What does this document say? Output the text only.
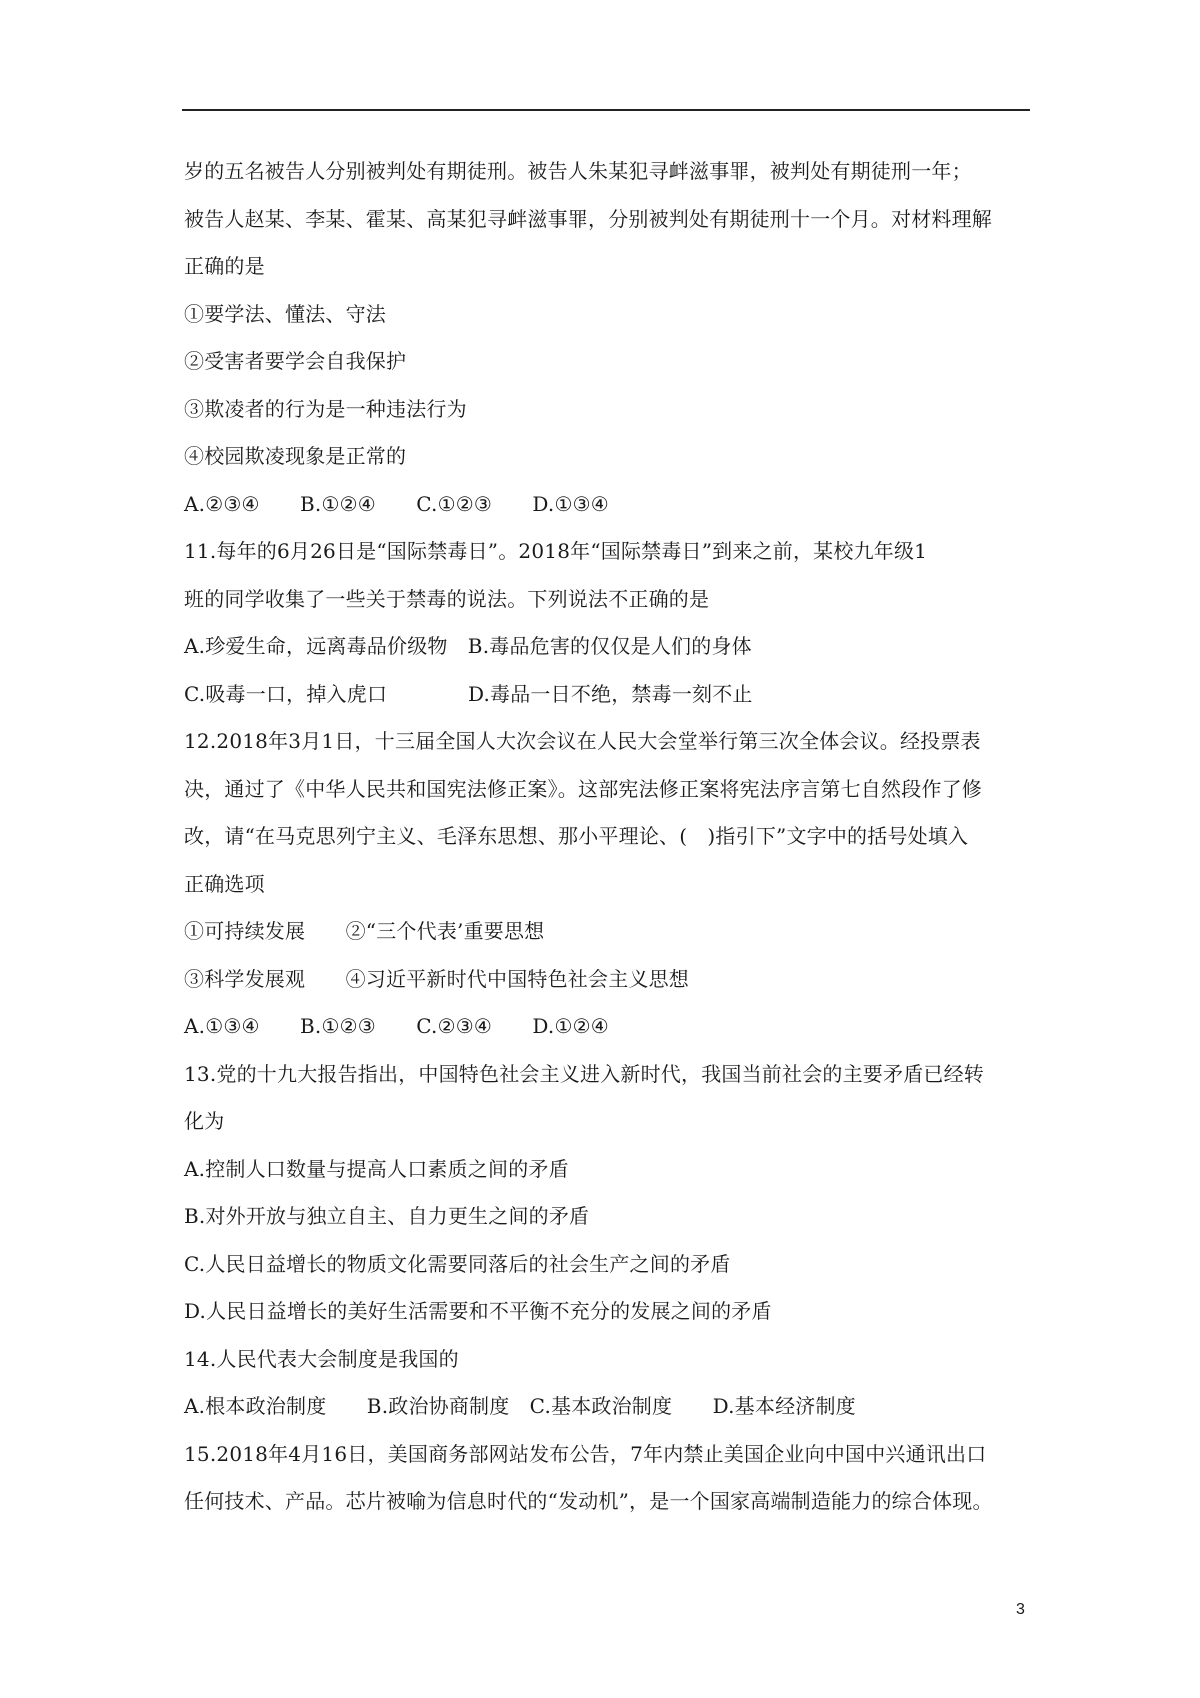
岁的五名被告人分别被判处有期徒刑。被告人朱某犯寻衅滋事罪，被判处有期徒刑一年；
被告人赵某、李某、霍某、高某犯寻衅滋事罪，分别被判处有期徒刑十一个月。对材料理解
正确的是
①要学法、懂法、守法
②受害者要学会自我保护
③欺凌者的行为是一种违法行为
④校园欺凌现象是正常的
A.②③④　　B.①②④　　C.①②③　　D.①③④
11.每年的6月26日是“国际禁毒日”。2018年“国际禁毒日”到来之前，某校九年级1
班的同学收集了一些关于禁毒的说法。下列说法不正确的是
A.珍爱生命，远离毒品价级物　B.毒品危害的仅仅是人们的身体
C.吸毒一口，掉入虎口　　　　D.毒品一日不绝，禁毒一刻不止
12.2018年3月1日，十三届全国人大次会议在人民大会堂举行第三次全体会议。经投票表
决，通过了《中华人民共和国宪法修正案》。这部宪法修正案将宪法序言第七自然段作了修
改，请“在马克思列宁主义、毛泽东思想、那小平理论、(　)指引下”文字中的括号处填入
正确选项
①可持续发展　　②“三个代表’重要思想
③科学发展观　　④习近平新时代中国特色社会主义思想
A.①③④　　B.①②③　　C.②③④　　D.①②④
13.党的十九大报告指出，中国特色社会主义进入新时代，我国当前社会的主要矛盾已经转
化为
A.控制人口数量与提高人口素质之间的矛盾
B.对外开放与独立自主、自力更生之间的矛盾
C.人民日益增长的物质文化需要同落后的社会生产之间的矛盾
D.人民日益增长的美好生活需要和不平衡不充分的发展之间的矛盾
14.人民代表大会制度是我国的
A.根本政治制度　　B.政治协商制度　C.基本政治制度　　D.基本经济制度
15.2018年4月16日，美国商务部网站发布公告，7年内禁止美国企业向中国中兴通讯出口
任何技术、产品。芯片被喻为信息时代的“发动机”，是一个国家高端制造能力的综合体现。
3
